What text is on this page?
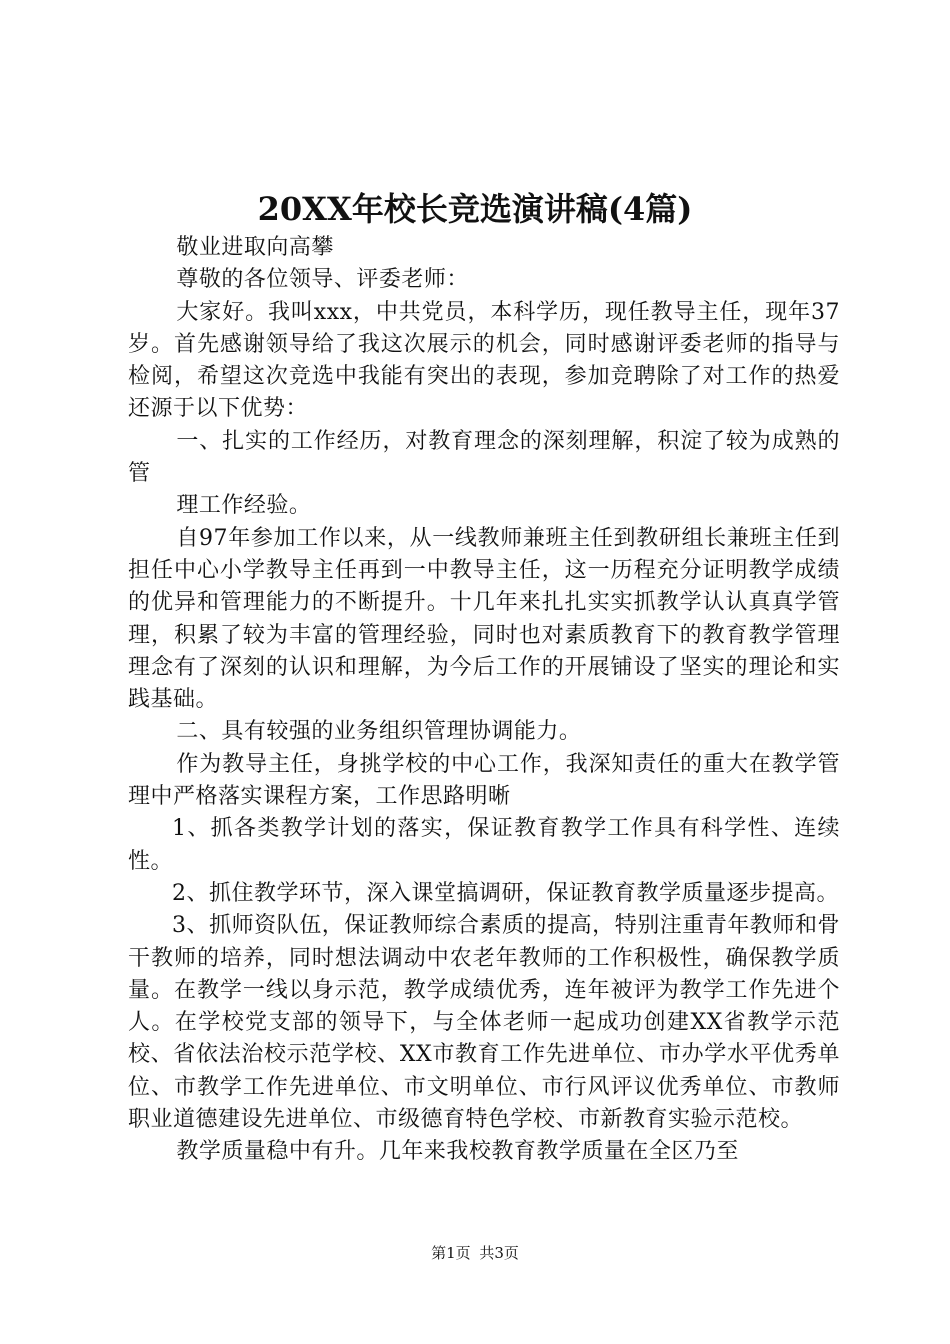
20XX年校长竞选演讲稿(4篇)

敬业进取向高攀

尊敬的各位领导、评委老师：

大家好。我叫xxx，中共党员，本科学历，现任教导主任，现年37岁。首先感谢领导给了我这次展示的机会，同时感谢评委老师的指导与检阅，希望这次竞选中我能有突出的表现，参加竞聘除了对工作的热爱还源于以下优势：

一、扎实的工作经历，对教育理念的深刻理解，积淀了较为成熟的管

理工作经验。

自97年参加工作以来，从一线教师兼班主任到教研组长兼班主任到担任中心小学教导主任再到一中教导主任，这一历程充分证明教学成绩的优异和管理能力的不断提升。十几年来扎扎实实抓教学认认真真学管理，积累了较为丰富的管理经验，同时也对素质教育下的教育教学管理理念有了深刻的认识和理解，为今后工作的开展铺设了坚实的理论和实践基础。

二、具有较强的业务组织管理协调能力。

作为教导主任，身挑学校的中心工作，我深知责任的重大在教学管理中严格落实课程方案，工作思路明晰

1、抓各类教学计划的落实，保证教育教学工作具有科学性、连续性。

2、抓住教学环节，深入课堂搞调研，保证教育教学质量逐步提高。

3、抓师资队伍，保证教师综合素质的提高，特别注重青年教师和骨干教师的培养，同时想法调动中农老年教师的工作积极性，确保教学质量。在教学一线以身示范，教学成绩优秀，连年被评为教学工作先进个人。在学校党支部的领导下，与全体老师一起成功创建XX省教学示范校、省依法治校示范学校、XX市教育工作先进单位、市办学水平优秀单位、市教学工作先进单位、市文明单位、市行风评议优秀单位、市教师职业道德建设先进单位、市级德育特色学校、市新教育实验示范校。

教学质量稳中有升。几年来我校教育教学质量在全区乃至

第1页 共3页
